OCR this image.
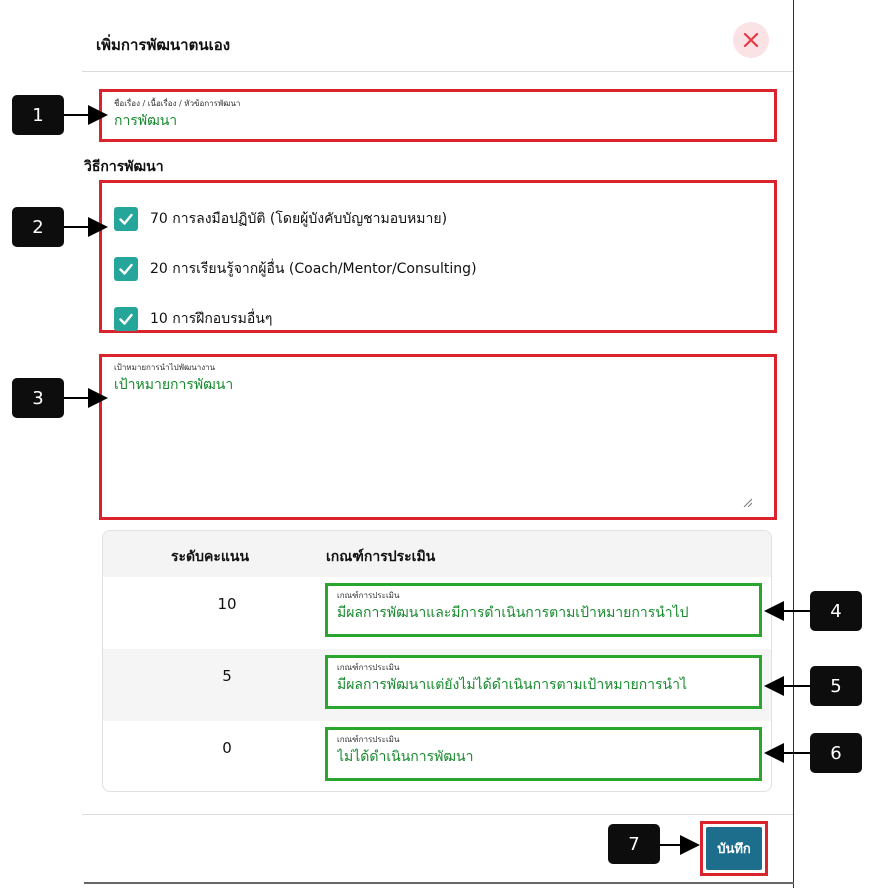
เพิ่มการพัฒนาตนเอง
ชื่อเรื่อง / เนื้อเรื่อง / หัวข้อการพัฒนา
การพัฒนา
วิธีการพัฒนา
70 การลงมือปฏิบัติ (โดยผู้บังคับบัญชามอบหมาย)
20 การเรียนรู้จากผู้อื่น (Coach/Mentor/Consulting)
10 การฝึกอบรมอื่นๆ
เป้าหมายการนำไปพัฒนางาน
เป้าหมายการพัฒนา
ระดับคะแนน	เกณฑ์การประเมิน
10	เกณฑ์การประเมิน
มีผลการพัฒนาและมีการดำเนินการตามเป้าหมายการนำไป
5	เกณฑ์การประเมิน
มีผลการพัฒนาแต่ยังไม่ได้ดำเนินการตามเป้าหมายการนำไ
0	เกณฑ์การประเมิน
ไม่ได้ดำเนินการพัฒนา
บันทึก
1
2
3
4
5
6
7
